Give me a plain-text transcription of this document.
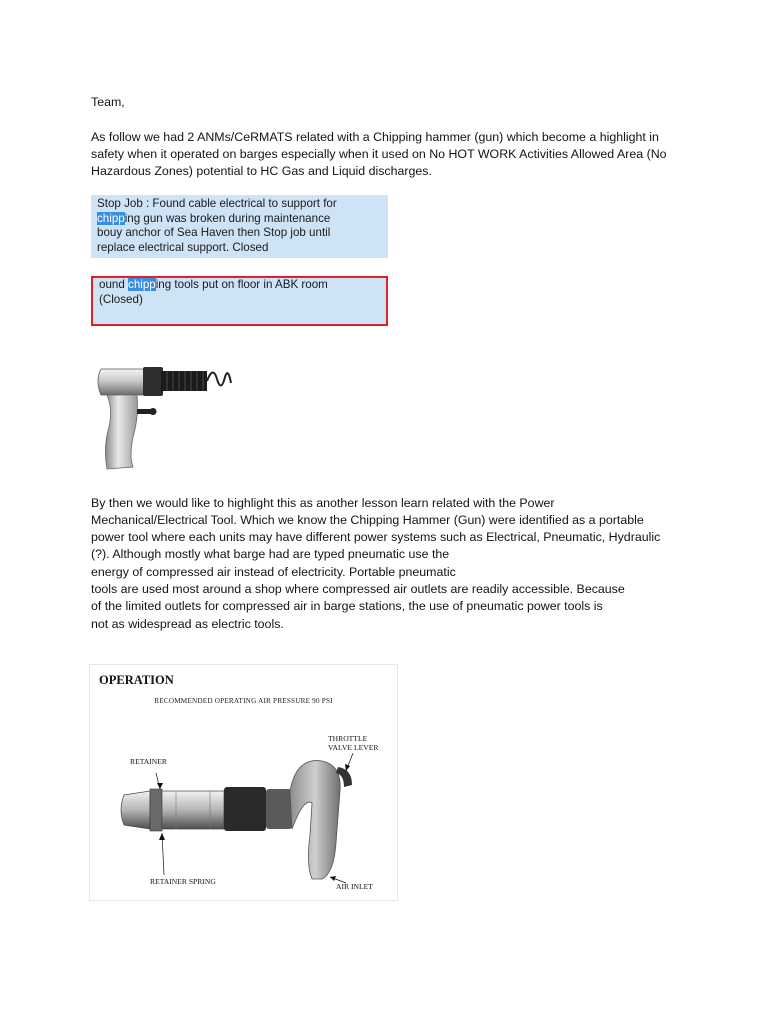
Team,

As follow we had 2 ANMs/CeRMATS related with a Chipping hammer (gun) which become a highlight in

safety when it operated on barges especially when it used on No HOT WORK Activities Allowed Area (No

Hazardous Zones) potential to HC Gas and Liquid discharges.

Stop Job : Found cable electrical to support for
chipping gun was broken during maintenance
bouy anchor of Sea Haven then Stop job until
replace electrical support. Closed
ound chipping tools put on floor in ABK room
(Closed)

By then we would like to highlight this as another lesson learn related with the Power

Mechanical/Electrical Tool. Which we know the Chipping Hammer (Gun) were identified as a portable

power tool where each units may have different power systems such as Electrical, Pneumatic, Hydraulic

(?). Although mostly what barge had are typed pneumatic use the

energy of compressed air instead of electricity. Portable pneumatic

tools are used most around a shop where compressed air outlets are readily accessible. Because

of the limited outlets for compressed air in barge stations, the use of pneumatic power tools is

not as widespread as electric tools.

OPERATION
RECOMMENDED OPERATING AIR PRESSURE 90 PSI
RETAINER
THROTTLE
VALVE LEVER
RETAINER SPRING
AIR INLET
